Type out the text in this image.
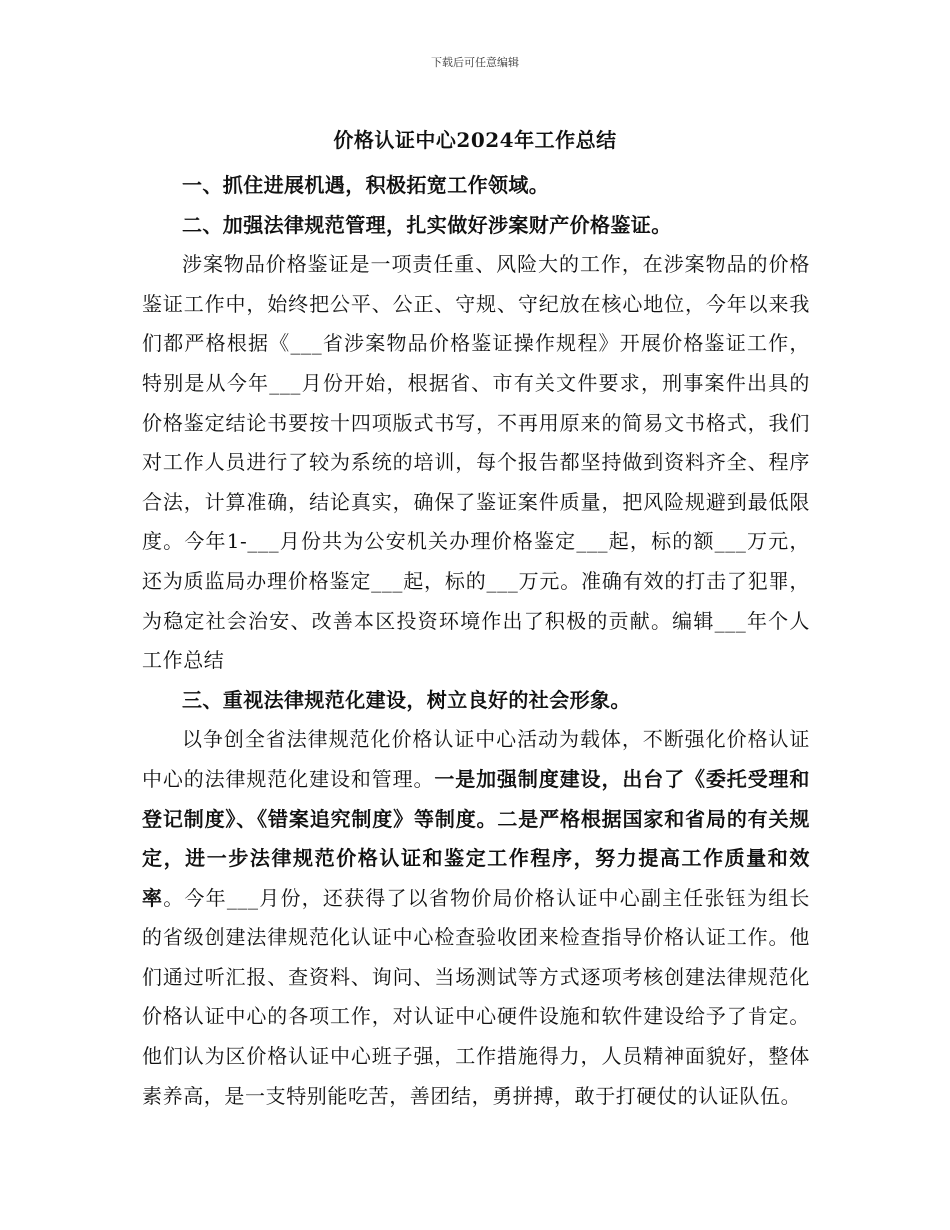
下载后可任意编辑
价格认证中心2024年工作总结

一、抓住进展机遇，积极拓宽工作领域。

二、加强法律规范管理，扎实做好涉案财产价格鉴证。

涉案物品价格鉴证是一项责任重、风险大的工作，在涉案物品的价格鉴证工作中，始终把公平、公正、守规、守纪放在核心地位，今年以来我们都严格根据《___省涉案物品价格鉴证操作规程》开展价格鉴证工作，特别是从今年___月份开始，根据省、市有关文件要求，刑事案件出具的价格鉴定结论书要按十四项版式书写，不再用原来的简易文书格式，我们对工作人员进行了较为系统的培训，每个报告都坚持做到资料齐全、程序合法，计算准确，结论真实，确保了鉴证案件质量，把风险规避到最低限度。今年1-___月份共为公安机关办理价格鉴定___起，标的额___万元，还为质监局办理价格鉴定___起，标的___万元。准确有效的打击了犯罪，为稳定社会治安、改善本区投资环境作出了积极的贡献。编辑___年个人工作总结

三、重视法律规范化建设，树立良好的社会形象。

以争创全省法律规范化价格认证中心活动为载体，不断强化价格认证中心的法律规范化建设和管理。一是加强制度建设，出台了《委托受理和登记制度》、《错案追究制度》等制度。二是严格根据国家和省局的有关规定，进一步法律规范价格认证和鉴定工作程序，努力提高工作质量和效率。今年___月份，还获得了以省物价局价格认证中心副主任张钰为组长的省级创建法律规范化认证中心检查验收团来检查指导价格认证工作。他们通过听汇报、查资料、询问、当场测试等方式逐项考核创建法律规范化价格认证中心的各项工作，对认证中心硬件设施和软件建设给予了肯定。他们认为区价格认证中心班子强，工作措施得力，人员精神面貌好，整体素养高，是一支特别能吃苦，善团结，勇拼搏，敢于打硬仗的认证队伍。
